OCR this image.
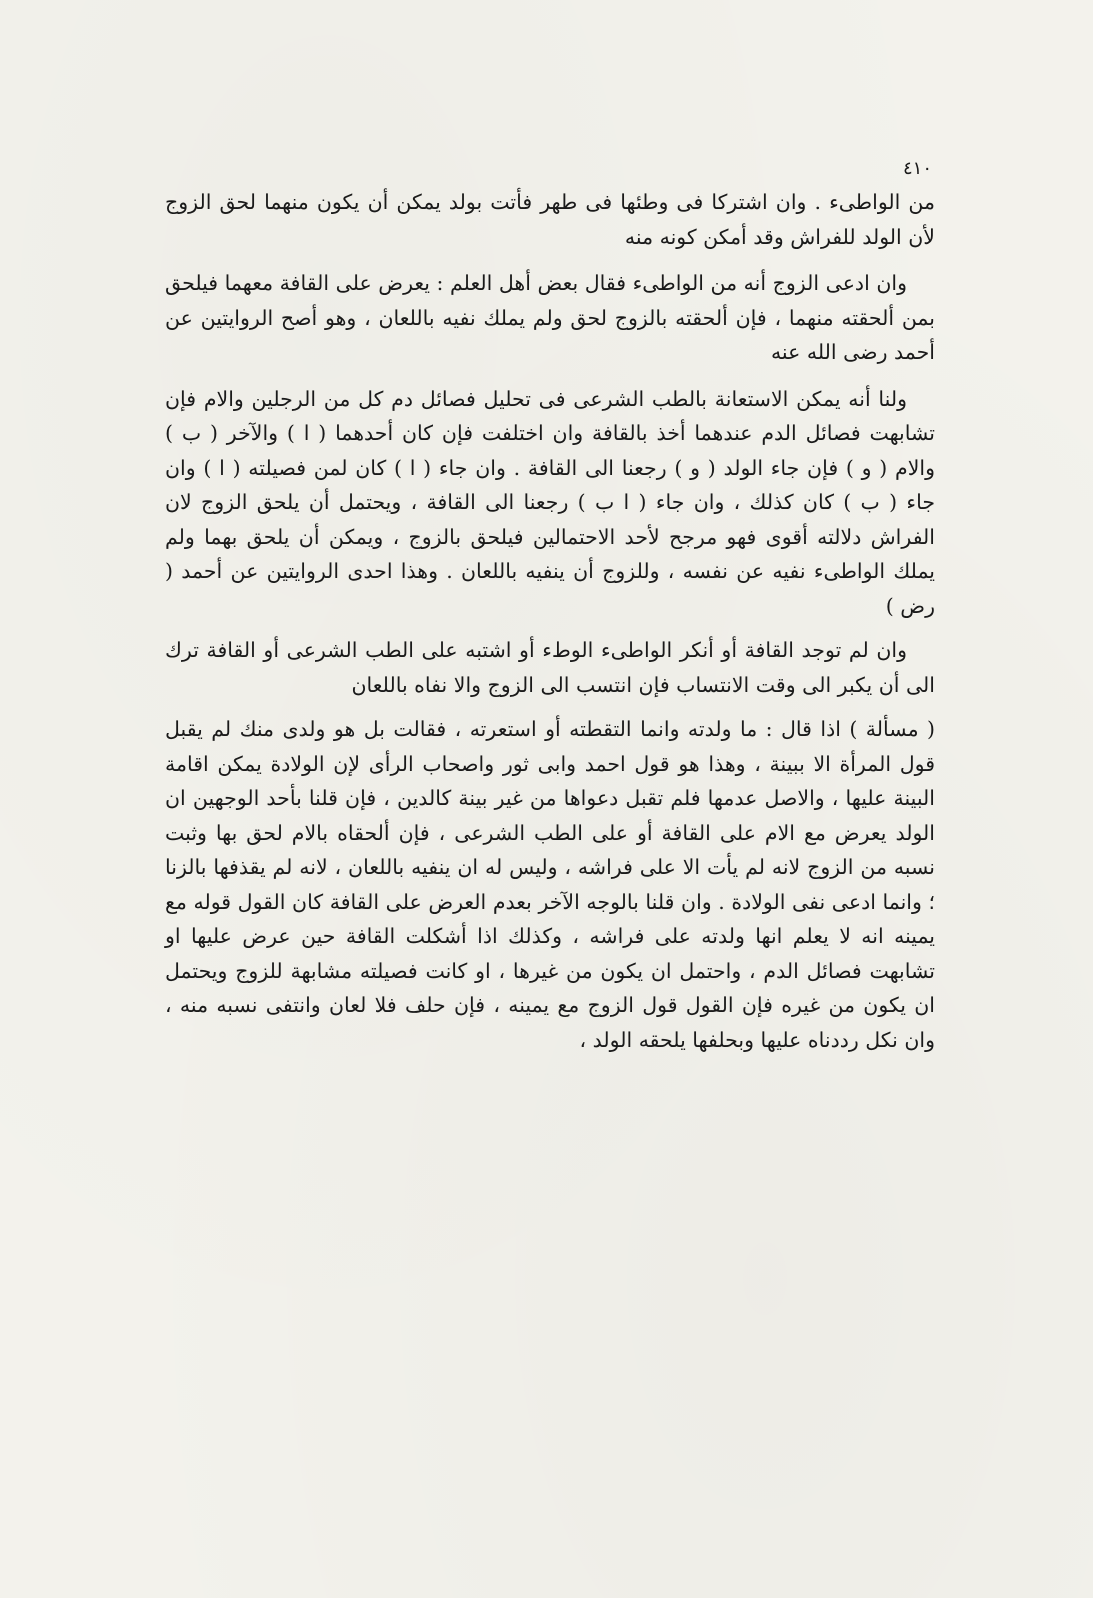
٤١٠

من الواطىء . وان اشتركا فى وطئها فى طهر فأتت بولد يمكن أن يكون منهما لحق الزوج لأن الولد للفراش وقد أمكن كونه منه

وان ادعى الزوج أنه من الواطىء فقال بعض أهل العلم : يعرض على القافة معهما فيلحق بمن ألحقته منهما ، فإن ألحقته بالزوج لحق ولم يملك نفيه باللعان ، وهو أصح الروايتين عن أحمد رضى الله عنه

ولنا أنه يمكن الاستعانة بالطب الشرعى فى تحليل فصائل دم كل من الرجلين والام فإن تشابهت فصائل الدم عندهما أخذ بالقافة وان اختلفت فإن كان أحدهما ( ا ) والآخر ( ب ) والام ( و ) فإن جاء الولد ( و ) رجعنا الى القافة . وان جاء ( ا ) كان لمن فصيلته ( ا ) وان جاء ( ب ) كان كذلك ، وان جاء ( ا ب ) رجعنا الى القافة ، ويحتمل أن يلحق الزوج لان الفراش دلالته أقوى فهو مرجح لأحد الاحتمالين فيلحق بالزوج ، ويمكن أن يلحق بهما ولم يملك الواطىء نفيه عن نفسه ، وللزوج أن ينفيه باللعان . وهذا احدى الروايتين عن أحمد ( رض )

وان لم توجد القافة أو أنكر الواطىء الوطء أو اشتبه على الطب الشرعى أو القافة ترك الى أن يكبر الى وقت الانتساب فإن انتسب الى الزوج والا نفاه باللعان

( مسألة ) اذا قال : ما ولدته وانما التقطته أو استعرته ، فقالت بل هو ولدى منك لم يقبل قول المرأة الا ببينة ، وهذا هو قول احمد وابى ثور واصحاب الرأى لإن الولادة يمكن اقامة البينة عليها ، والاصل عدمها فلم تقبل دعواها من غير بينة كالدين ، فإن قلنا بأحد الوجهين ان الولد يعرض مع الام على القافة أو على الطب الشرعى ، فإن ألحقاه بالام لحق بها وثبت نسبه من الزوج لانه لم يأت الا على فراشه ، وليس له ان ينفيه باللعان ، لانه لم يقذفها بالزنا ؛ وانما ادعى نفى الولادة . وان قلنا بالوجه الآخر بعدم العرض على القافة كان القول قوله مع يمينه انه لا يعلم انها ولدته على فراشه ، وكذلك اذا أشكلت القافة حين عرض عليها او تشابهت فصائل الدم ، واحتمل ان يكون من غيرها ، او كانت فصيلته مشابهة للزوج ويحتمل ان يكون من غيره فإن القول قول الزوج مع يمينه ، فإن حلف فلا لعان وانتفى نسبه منه ، وان نكل رددناه عليها وبحلفها يلحقه الولد ،
